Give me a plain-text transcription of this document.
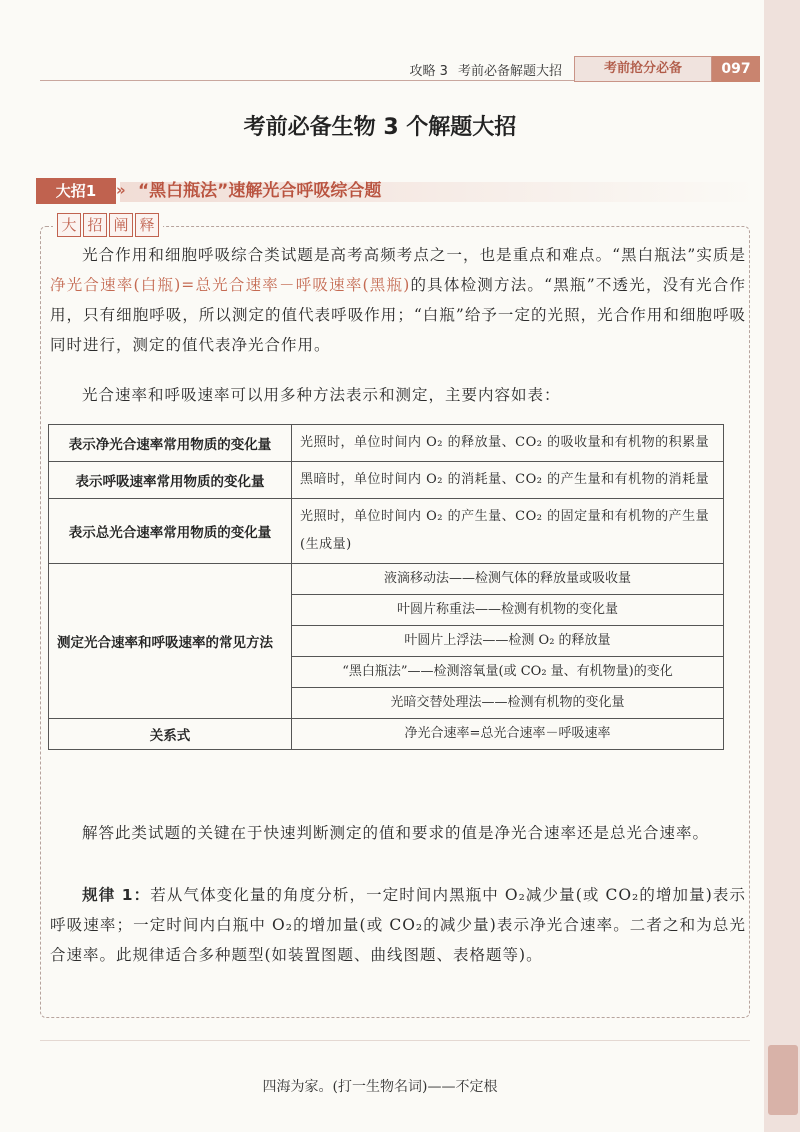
攻略 3 考前必备解题大招	考前抢分必备	097
考前必备生物 3 个解题大招
大招1	» “黑白瓶法”速解光合呼吸综合题
大 招 阐 释
光合作用和细胞呼吸综合类试题是高考高频考点之一，也是重点和难点。“黑白瓶法”实质是净光合速率(白瓶)=总光合速率－呼吸速率(黑瓶)的具体检测方法。“黑瓶”不透光，没有光合作用，只有细胞呼吸，所以测定的值代表呼吸作用；“白瓶”给予一定的光照，光合作用和细胞呼吸同时进行，测定的值代表净光合作用。
光合速率和呼吸速率可以用多种方法表示和测定，主要内容如表：
表示净光合速率常用物质的变化量	光照时，单位时间内 O₂ 的释放量、CO₂ 的吸收量和有机物的积累量
表示呼吸速率常用物质的变化量	黑暗时，单位时间内 O₂ 的消耗量、CO₂ 的产生量和有机物的消耗量
表示总光合速率常用物质的变化量	光照时，单位时间内 O₂ 的产生量、CO₂ 的固定量和有机物的产生量(生成量)
测定光合速率和呼吸速率的常见方法	液滴移动法——检测气体的释放量或吸收量
	叶圆片称重法——检测有机物的变化量
	叶圆片上浮法——检测 O₂ 的释放量
	“黑白瓶法”——检测溶氧量(或 CO₂ 量、有机物量)的变化
	光暗交替处理法——检测有机物的变化量
关系式	净光合速率=总光合速率－呼吸速率
解答此类试题的关键在于快速判断测定的值和要求的值是净光合速率还是总光合速率。
规律 1：若从气体变化量的角度分析，一定时间内黑瓶中 O₂减少量(或 CO₂的增加量)表示呼吸速率；一定时间内白瓶中 O₂的增加量(或 CO₂的减少量)表示净光合速率。二者之和为总光合速率。此规律适合多种题型(如装置图题、曲线图题、表格题等)。
四海为家。(打一生物名词)——不定根
